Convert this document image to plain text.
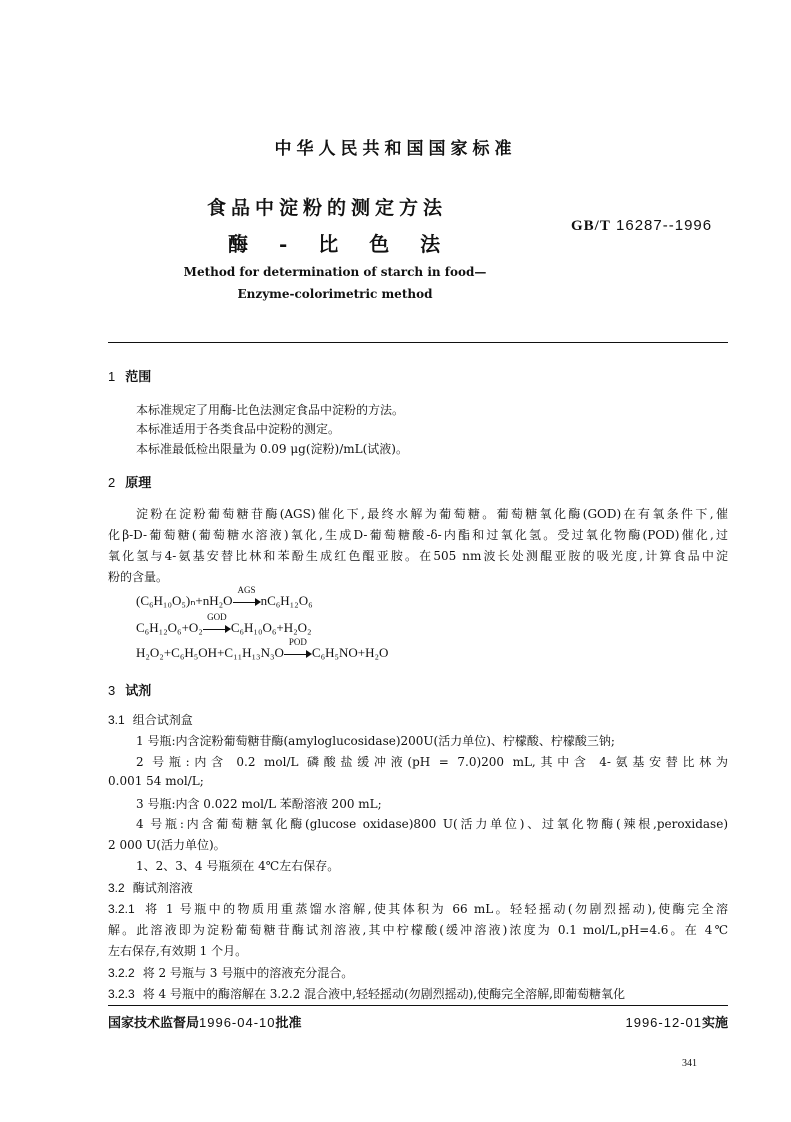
中华人民共和国国家标准
食品中淀粉的测定方法
酶 - 比 色 法
GB/T 16287--1996
Method for determination of starch in food—
Enzyme-colorimetric method
1 范围
本标准规定了用酶-比色法测定食品中淀粉的方法。
本标准适用于各类食品中淀粉的测定。
本标准最低检出限量为 0.09 μg(淀粉)/mL(试液)。
2 原理
淀粉在淀粉葡萄糖苷酶(AGS)催化下,最终水解为葡萄糖。葡萄糖氧化酶(GOD)在有氧条件下,催
化β-D-葡萄糖(葡萄糖水溶液)氧化,生成D-葡萄糖酸-δ-内酯和过氧化氢。受过氧化物酶(POD)催化,过
氧化氢与4-氨基安替比林和苯酚生成红色醌亚胺。在505 nm波长处测醌亚胺的吸光度,计算食品中淀
粉的含量。
(C₆H₁₀O₅)ₙ+nH₂O
AGS
nC₆H₁₂O₆
C₆H₁₂O₆+O₂
GOD
C₆H₁₀O₆+H₂O₂
H₂O₂+C₆H₅OH+C₁₁H₁₃N₃O
POD
C₆H₅NO+H₂O
3 试剂
3.1 组合试剂盒
1 号瓶:内含淀粉葡萄糖苷酶(amyloglucosidase)200U(活力单位)、柠檬酸、柠檬酸三钠;
2 号瓶:内含 0.2 mol/L 磷酸盐缓冲液(pH = 7.0)200 mL,其中含 4-氨基安替比林为
0.001 54 mol/L;
3 号瓶:内含 0.022 mol/L 苯酚溶液 200 mL;
4 号瓶:内含葡萄糖氧化酶(glucose oxidase)800 U(活力单位)、过氧化物酶(辣根,peroxidase)
2 000 U(活力单位)。
1、2、3、4 号瓶须在 4℃左右保存。
3.2 酶试剂溶液
3.2.1 将 1 号瓶中的物质用重蒸馏水溶解,使其体积为 66 mL。轻轻摇动(勿剧烈摇动),使酶完全溶
解。此溶液即为淀粉葡萄糖苷酶试剂溶液,其中柠檬酸(缓冲溶液)浓度为 0.1 mol/L,pH=4.6。在 4℃
左右保存,有效期 1 个月。
3.2.2 将 2 号瓶与 3 号瓶中的溶液充分混合。
3.2.3 将 4 号瓶中的酶溶解在 3.2.2 混合液中,轻轻摇动(勿剧烈摇动),使酶完全溶解,即葡萄糖氧化
国家技术监督局1996-04-10批准	1996-12-01实施
341
